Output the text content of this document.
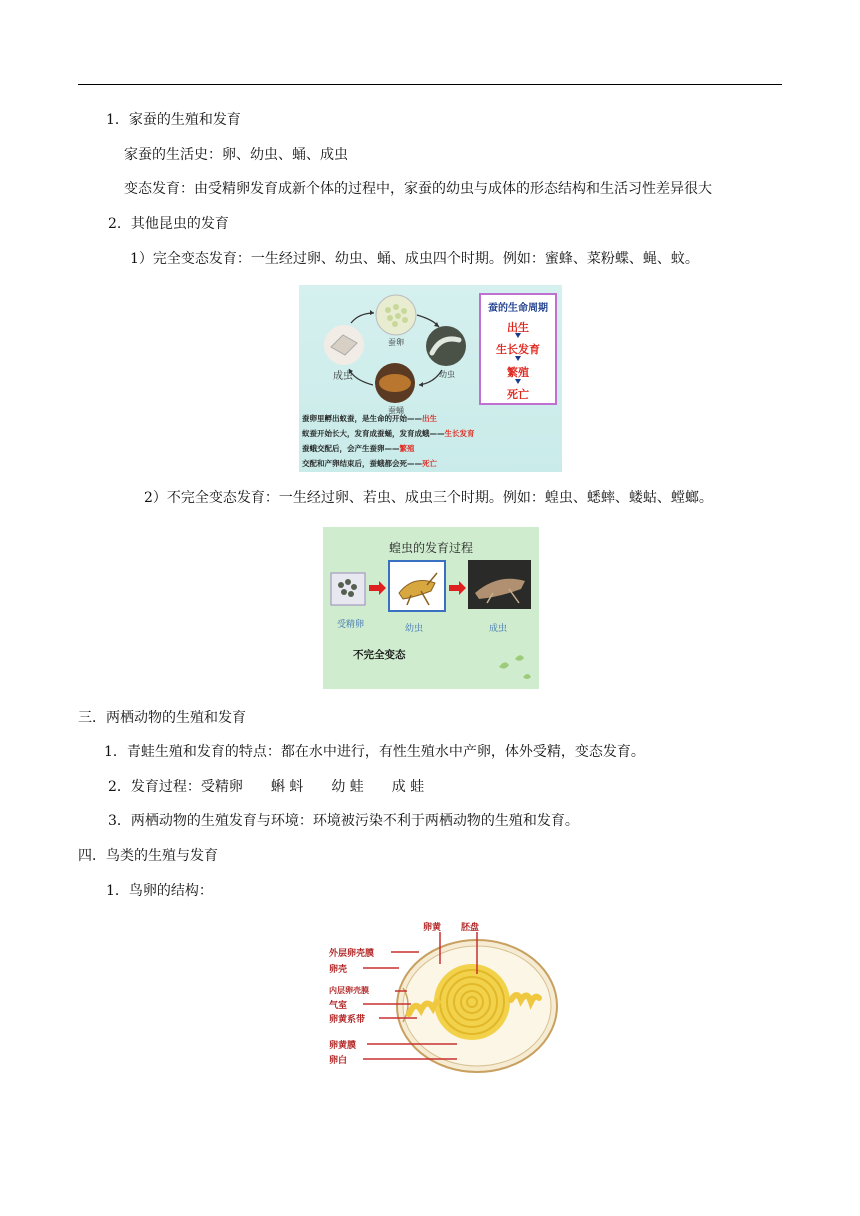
1．家蚕的生殖和发育
家蚕的生活史：卵、幼虫、蛹、成虫
变态发育：由受精卵发育成新个体的过程中，家蚕的幼虫与成体的形态结构和生活习性差异很大
2．其他昆虫的发育
1）完全变态发育：一生经过卵、幼虫、蛹、成虫四个时期。例如：蜜蜂、菜粉蝶、蝇、蚊。
蚕卵
幼虫
蚕蛹
成虫
蚕的生命周期
出生
生长发育
繁殖
死亡
蚕卵里孵出蚁蚕，是生命的开始——出生
蚁蚕开始长大，发育成蚕蛹，发育成蛾——生长发育
蚕蛾交配后，会产生蚕卵——繁殖
交配和产卵结束后，蚕蛾都会死——死亡
2）不完全变态发育：一生经过卵、若虫、成虫三个时期。例如：蝗虫、蟋蟀、蝼蛄、螳螂。
蝗虫的发育过程
受精卵	幼虫	成虫
不完全变态
三．两栖动物的生殖和发育
1．青蛙生殖和发育的特点：都在水中进行，有性生殖水中产卵，体外受精，变态发育。
2．发育过程：受精卵　　蝌 蚪　　幼 蛙　　成 蛙
3．两栖动物的生殖发育与环境：环境被污染不利于两栖动物的生殖和发育。
四．鸟类的生殖与发育
1．鸟卵的结构：
卵黄 胚盘
外层卵壳膜
卵壳
内层卵壳膜
气室
卵黄系带
卵黄膜
卵白
